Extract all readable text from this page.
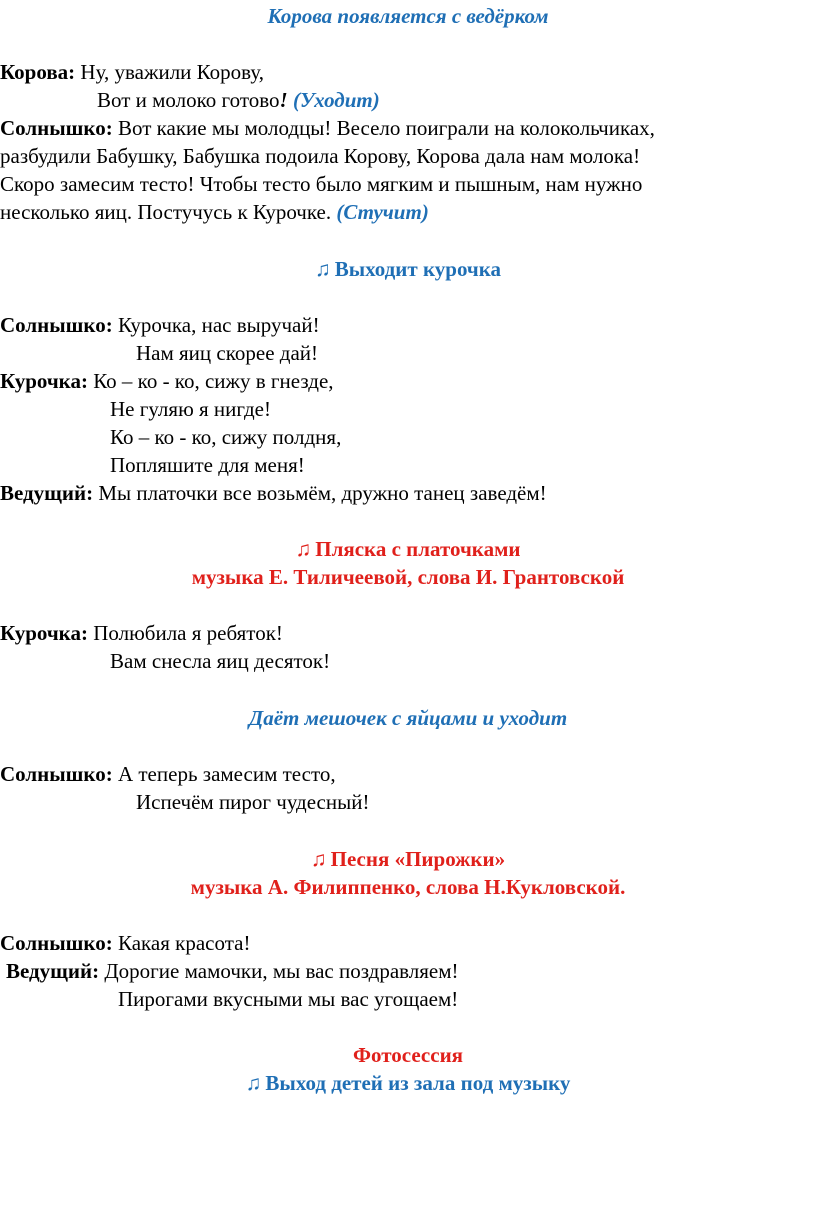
Корова появляется с ведёрком
Корова: Ну, уважили Корову,
Вот и молоко готово! (Уходит)
Солнышко: Вот какие мы молодцы! Весело поиграли на колокольчиках,
разбудили Бабушку, Бабушка подоила Корову, Корова дала нам молока!
Скоро замесим тесто! Чтобы тесто было мягким и пышным, нам нужно
несколько яиц. Постучусь к Курочке. (Стучит)
♫ Выходит курочка
Солнышко: Курочка, нас выручай!
Нам яиц скорее дай!
Курочка: Ко – ко - ко, сижу в гнезде,
Не гуляю я нигде!
Ко – ко - ко, сижу полдня,
Попляшите для меня!
Ведущий: Мы платочки все возьмём, дружно танец заведём!
♫ Пляска с платочками
музыка Е. Тиличеевой, слова И. Грантовской
Курочка: Полюбила я ребяток!
Вам снесла яиц десяток!
Даёт мешочек с яйцами и уходит
Солнышко: А теперь замесим тесто,
Испечём пирог чудесный!
♫ Песня «Пирожки»
музыка А. Филиппенко, слова Н.Кукловской.
Солнышко: Какая красота!
Ведущий: Дорогие мамочки, мы вас поздравляем!
Пирогами вкусными мы вас угощаем!
Фотосессия
♫ Выход детей из зала под музыку
